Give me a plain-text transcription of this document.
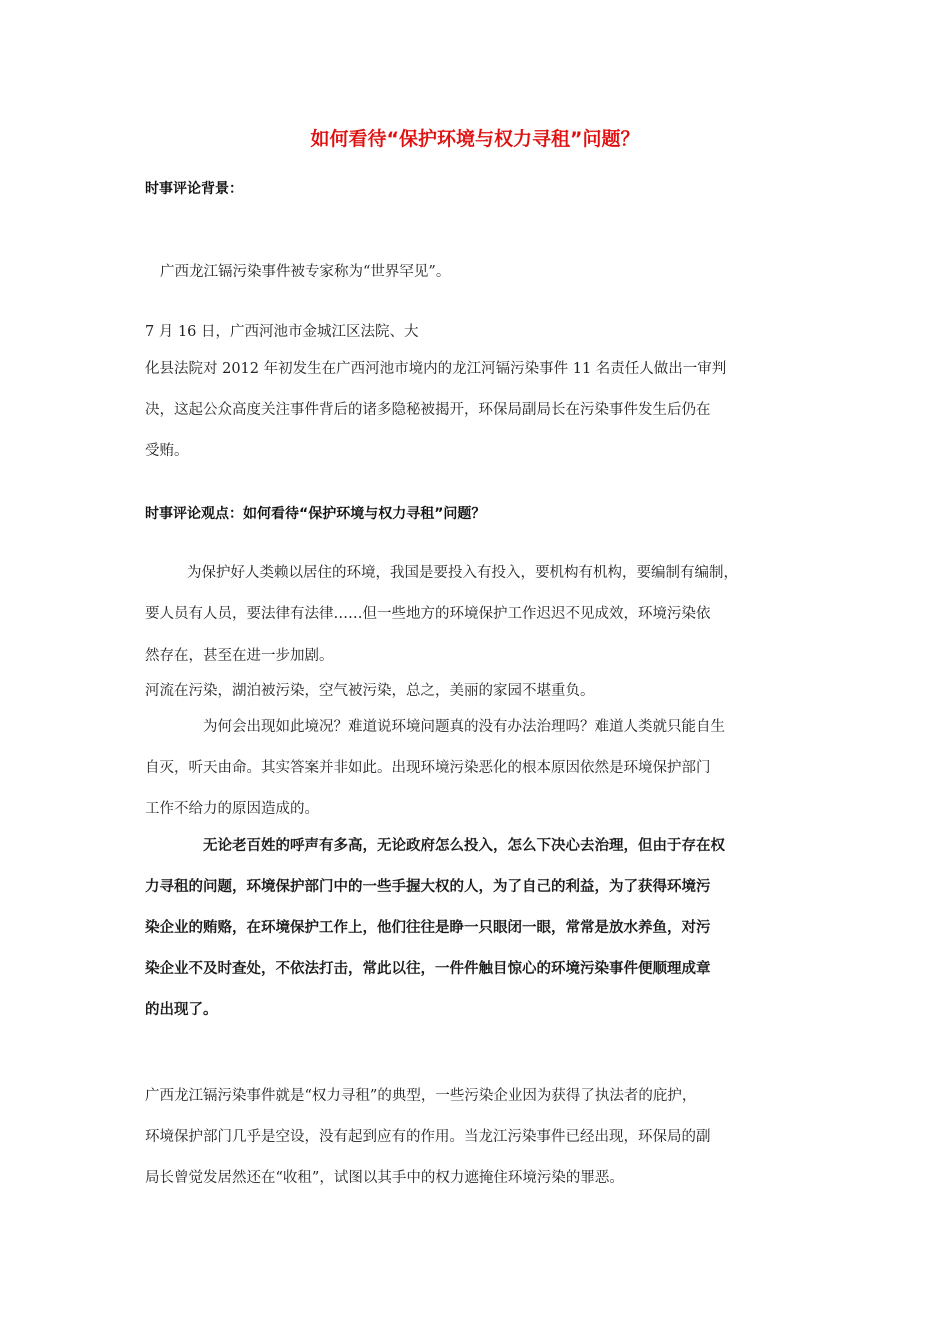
如何看待“保护环境与权力寻租”问题？
时事评论背景：
广西龙江镉污染事件被专家称为“世界罕见”。
7 月 16 日，广西河池市金城江区法院、大
化县法院对 2012 年初发生在广西河池市境内的龙江河镉污染事件 11 名责任人做出一审判
决，这起公众高度关注事件背后的诸多隐秘被揭开，环保局副局长在污染事件发生后仍在
受贿。
时事评论观点：如何看待“保护环境与权力寻租”问题？
为保护好人类赖以居住的环境，我国是要投入有投入，要机构有机构，要编制有编制，
要人员有人员，要法律有法律……但一些地方的环境保护工作迟迟不见成效，环境污染依
然存在，甚至在进一步加剧。
河流在污染，湖泊被污染，空气被污染，总之，美丽的家园不堪重负。
为何会出现如此境况？难道说环境问题真的没有办法治理吗？难道人类就只能自生
自灭，听天由命。其实答案并非如此。出现环境污染恶化的根本原因依然是环境保护部门
工作不给力的原因造成的。
无论老百姓的呼声有多高，无论政府怎么投入，怎么下决心去治理，但由于存在权
力寻租的问题，环境保护部门中的一些手握大权的人，为了自己的利益，为了获得环境污
染企业的贿赂，在环境保护工作上，他们往往是睁一只眼闭一眼，常常是放水养鱼，对污
染企业不及时查处，不依法打击，常此以往，一件件触目惊心的环境污染事件便顺理成章
的出现了。
广西龙江镉污染事件就是“权力寻租”的典型，一些污染企业因为获得了执法者的庇护，
环境保护部门几乎是空设，没有起到应有的作用。当龙江污染事件已经出现，环保局的副
局长曾觉发居然还在“收租”，试图以其手中的权力遮掩住环境污染的罪恶。
